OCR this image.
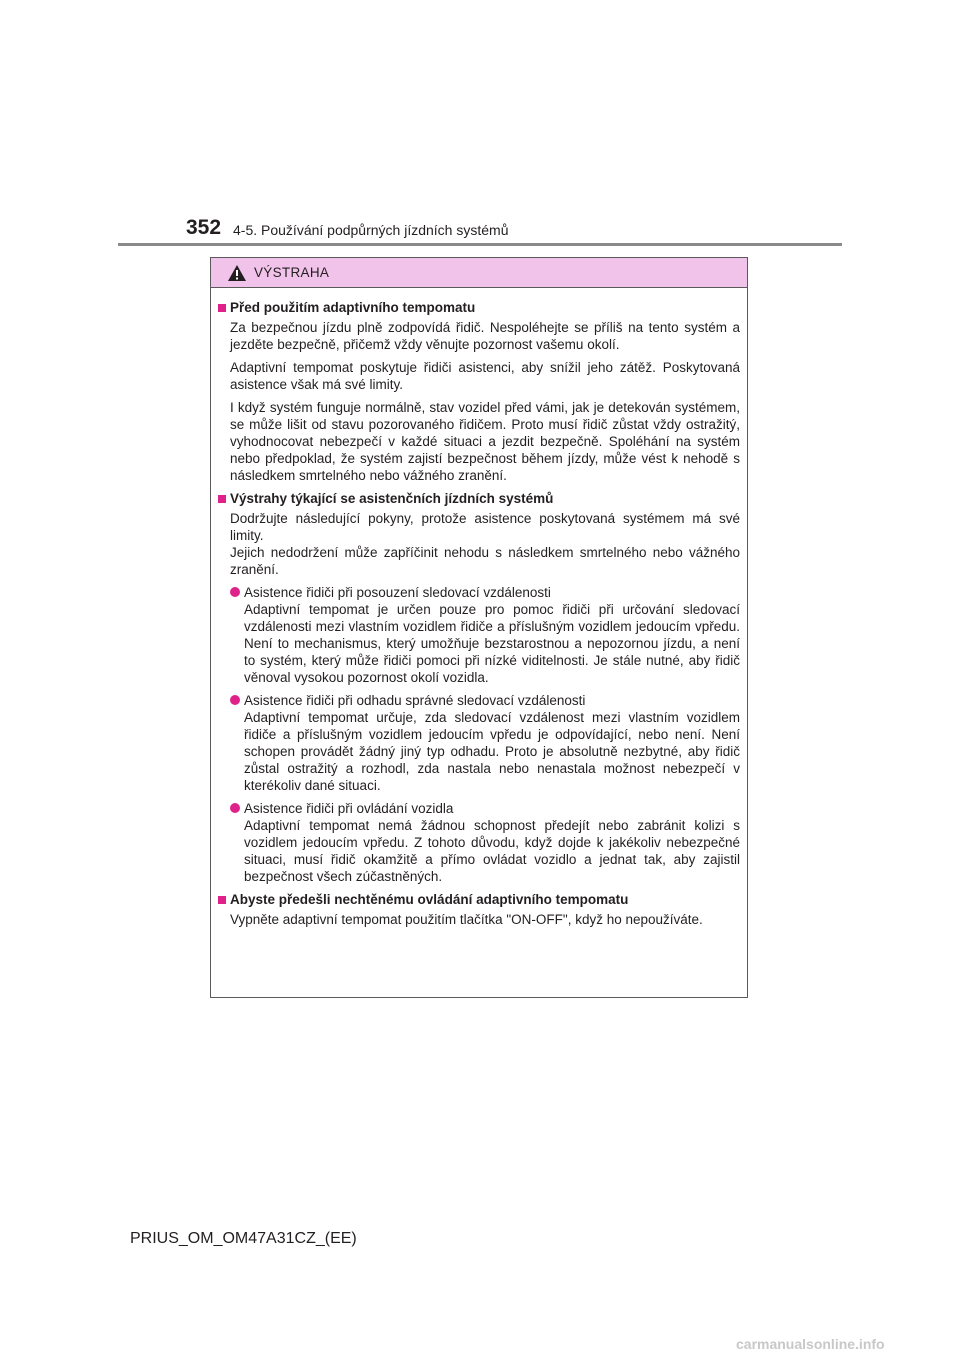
352 4-5. Používání podpůrných jízdních systémů
VÝSTRAHA
Před použitím adaptivního tempomatu

Za bezpečnou jízdu plně zodpovídá řidič. Nespoléhejte se příliš na tento systém a jezděte bezpečně, přičemž vždy věnujte pozornost vašemu okolí.

Adaptivní tempomat poskytuje řidiči asistenci, aby snížil jeho zátěž. Poskytovaná asistence však má své limity.

I když systém funguje normálně, stav vozidel před vámi, jak je detekován systémem, se může lišit od stavu pozorovaného řidičem. Proto musí řidič zůstat vždy ostražitý, vyhodnocovat nebezpečí v každé situaci a jezdit bezpečně. Spoléhání na systém nebo předpoklad, že systém zajistí bezpečnost během jízdy, může vést k nehodě s následkem smrtelného nebo vážného zranění.

Výstrahy týkající se asistenčních jízdních systémů

Dodržujte následující pokyny, protože asistence poskytovaná systémem má své limity.

Jejich nedodržení může zapříčinit nehodu s následkem smrtelného nebo vážného zranění.

Asistence řidiči při posouzení sledovací vzdálenosti
Adaptivní tempomat je určen pouze pro pomoc řidiči při určování sledovací vzdálenosti mezi vlastním vozidlem řidiče a příslušným vozidlem jedoucím vpředu. Není to mechanismus, který umožňuje bezstarostnou a nepozornou jízdu, a není to systém, který může řidiči pomoci při nízké viditelnosti. Je stále nutné, aby řidič věnoval vysokou pozornost okolí vozidla.
Asistence řidiči při odhadu správné sledovací vzdálenosti
Adaptivní tempomat určuje, zda sledovací vzdálenost mezi vlastním vozidlem řidiče a příslušným vozidlem jedoucím vpředu je odpovídající, nebo není. Není schopen provádět žádný jiný typ odhadu. Proto je absolutně nezbytné, aby řidič zůstal ostražitý a rozhodl, zda nastala nebo nenastala možnost nebezpečí v kterékoliv dané situaci.
Asistence řidiči při ovládání vozidla
Adaptivní tempomat nemá žádnou schopnost předejít nebo zabránit kolizi s vozidlem jedoucím vpředu. Z tohoto důvodu, když dojde k jakékoliv nebezpečné situaci, musí řidič okamžitě a přímo ovládat vozidlo a jednat tak, aby zajistil bezpečnost všech zúčastněných.
Abyste předešli nechtěnému ovládání adaptivního tempomatu

Vypněte adaptivní tempomat použitím tlačítka "ON-OFF", když ho nepoužíváte.

PRIUS_OM_OM47A31CZ_(EE)
carmanualsonline.info
